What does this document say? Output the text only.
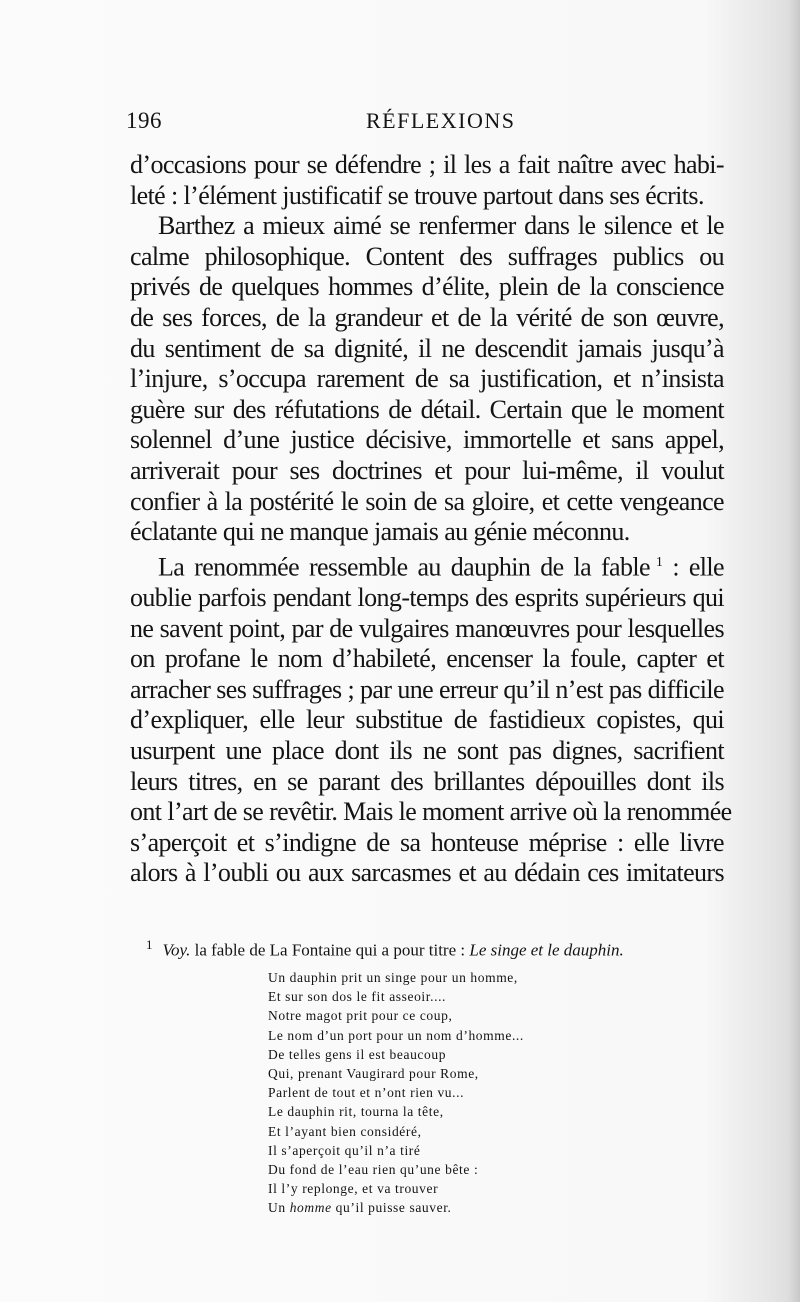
196	RÉFLEXIONS
d’occasions pour se défendre ; il les a fait naître avec habi-
leté : l’élément justificatif se trouve partout dans ses écrits.
Barthez a mieux aimé se renfermer dans le silence et le
calme philosophique. Content des suffrages publics ou
privés de quelques hommes d’élite, plein de la conscience
de ses forces, de la grandeur et de la vérité de son œuvre,
du sentiment de sa dignité, il ne descendit jamais jusqu’à
l’injure, s’occupa rarement de sa justification, et n’insista
guère sur des réfutations de détail. Certain que le moment
solennel d’une justice décisive, immortelle et sans appel,
arriverait pour ses doctrines et pour lui-même, il voulut
confier à la postérité le soin de sa gloire, et cette vengeance
éclatante qui ne manque jamais au génie méconnu.
La renommée ressemble au dauphin de la fable $^1$ : elle
oublie parfois pendant long-temps des esprits supérieurs qui
ne savent point, par de vulgaires manœuvres pour lesquelles
on profane le nom d’habileté, encenser la foule, capter et
arracher ses suffrages ; par une erreur qu’il n’est pas difficile
d’expliquer, elle leur substitue de fastidieux copistes, qui
usurpent une place dont ils ne sont pas dignes, sacrifient
leurs titres, en se parant des brillantes dépouilles dont ils
ont l’art de se revêtir. Mais le moment arrive où la renommée
s’aperçoit et s’indigne de sa honteuse méprise : elle livre
alors à l’oubli ou aux sarcasmes et au dédain ces imitateurs
$^1$ Voy. la fable de La Fontaine qui a pour titre : Le singe et le dauphin.
Un dauphin prit un singe pour un homme,
Et sur son dos le fit asseoir....
Notre magot prit pour ce coup,
Le nom d’un port pour un nom d’homme...
De telles gens il est beaucoup
Qui, prenant Vaugirard pour Rome,
Parlent de tout et n’ont rien vu...
Le dauphin rit, tourna la tête,
Et l’ayant bien considéré,
Il s’aperçoit qu’il n’a tiré
Du fond de l’eau rien qu’une bête :
Il l’y replonge, et va trouver
Un homme qu’il puisse sauver.
